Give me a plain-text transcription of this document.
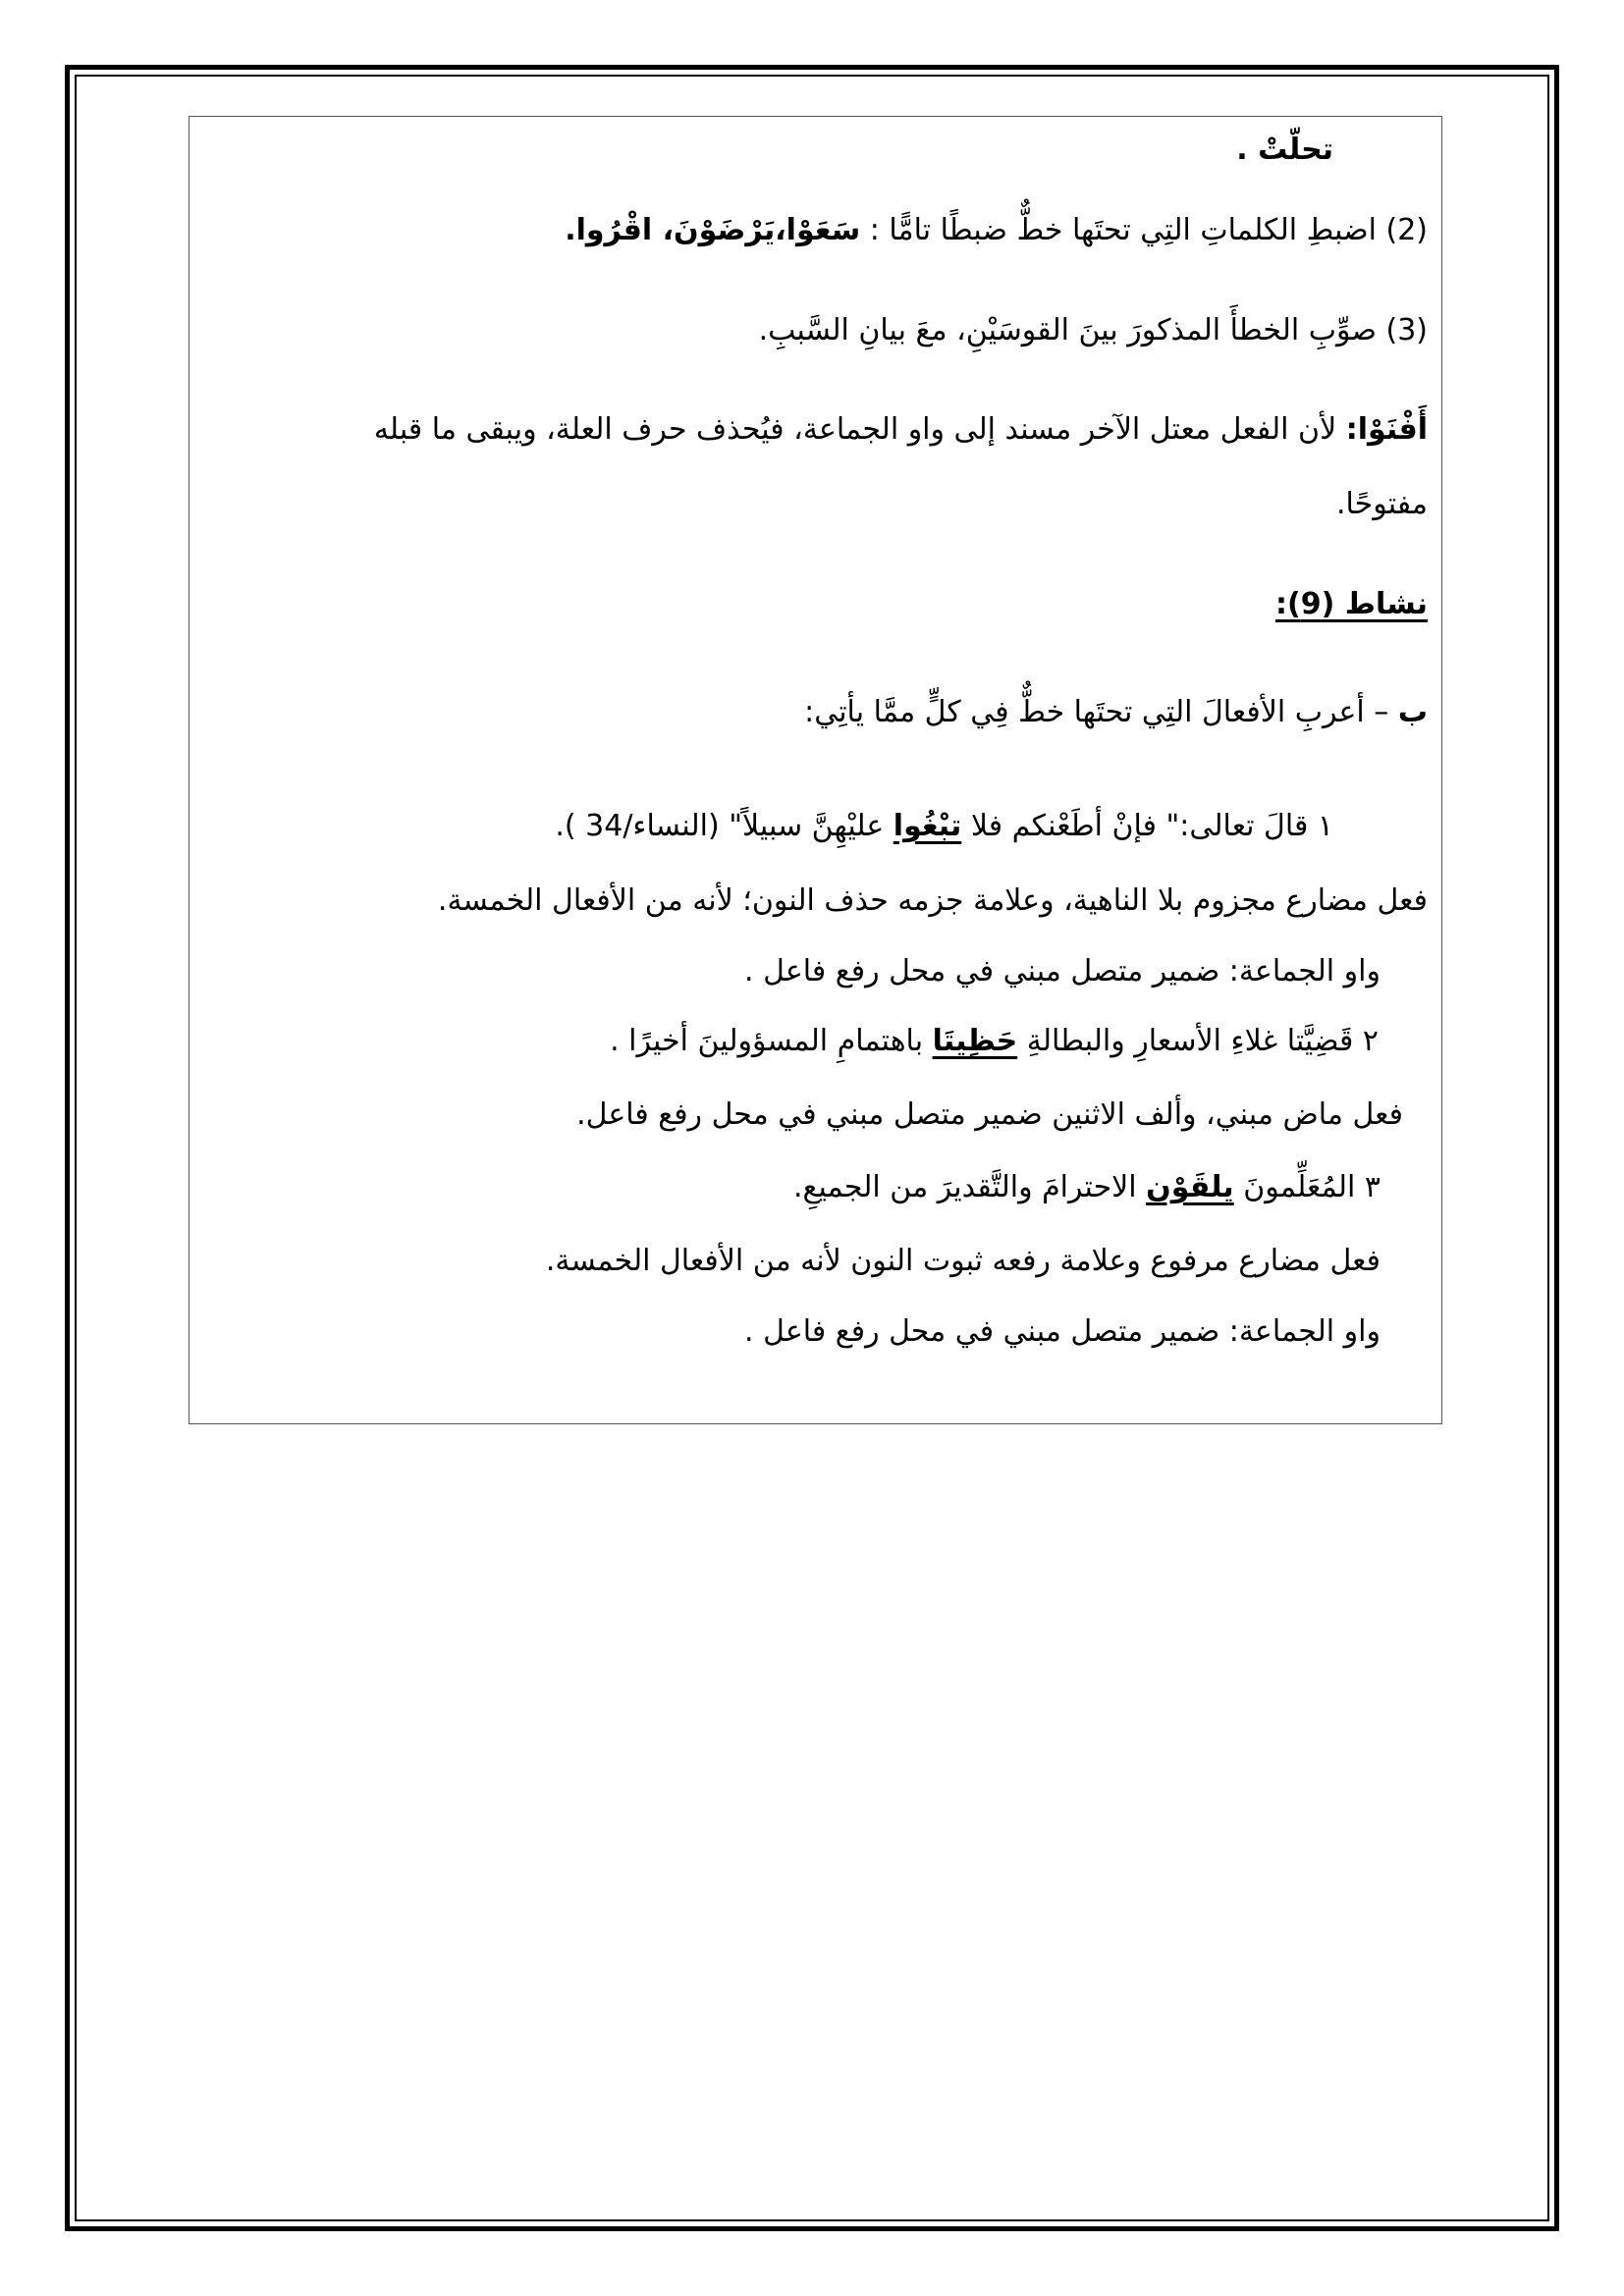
تحلّتْ .
(2) اضبطِ الكلماتِ التِي تحتَها خطٌّ ضبطًا تامًّا : سَعَوْا،يَرْضَوْنَ، اقْرُوا.
(3) صوِّبِ الخطأَ المذكورَ بينَ القوسَيْنِ، معَ بيانِ السَّببِ.
أَفْنَوْا: لأن الفعل معتل الآخر مسند إلى واو الجماعة، فيُحذف حرف العلة، ويبقى ما قبله
مفتوحًا.
نشاط (9):
ب – أعربِ الأفعالَ التِي تحتَها خطٌّ فِي كلٍّ ممَّا يأتِي:
١ قالَ تعالى:" فإنْ أطَعْنكم فلا تبْغُوا عليْهِنَّ سبيلاً" (النساء/34 ).
فعل مضارع مجزوم بلا الناهية، وعلامة جزمه حذف النون؛ لأنه من الأفعال الخمسة.
واو الجماعة: ضمير متصل مبني في محل رفع فاعل .
٢ قَضِيَّتا غلاءِ الأسعارِ والبطالةِ حَظِيتَا باهتمامِ المسؤولينَ أخيرًا .
فعل ماض مبني، وألف الاثنين ضمير متصل مبني في محل رفع فاعل.
٣ المُعَلِّمونَ يلقَوْن الاحترامَ والتَّقديرَ من الجميعِ.
فعل مضارع مرفوع وعلامة رفعه ثبوت النون لأنه من الأفعال الخمسة.
واو الجماعة: ضمير متصل مبني في محل رفع فاعل .
